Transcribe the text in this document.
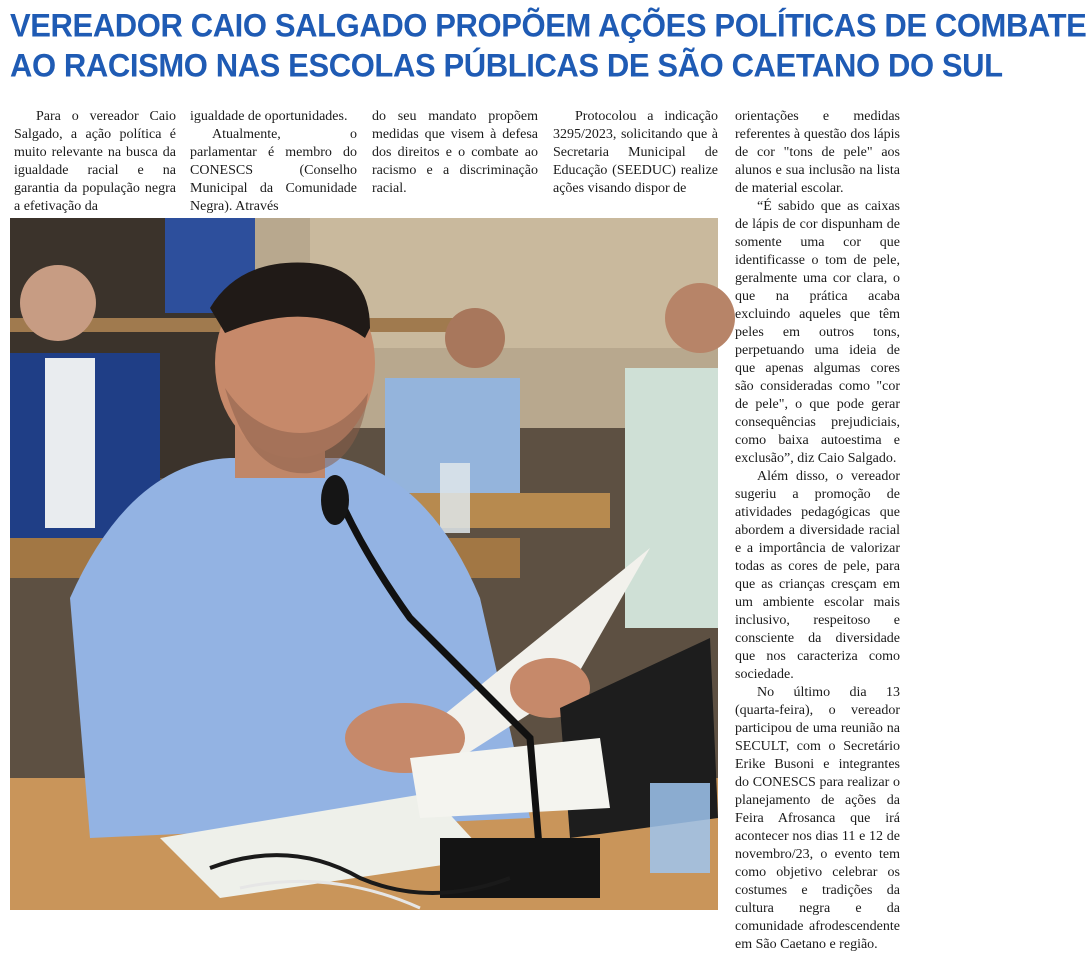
VEREADOR CAIO SALGADO PROPÕEM AÇÕES POLÍTICAS DE COMBATE
AO RACISMO NAS ESCOLAS PÚBLICAS DE SÃO CAETANO DO SUL

Para o vereador Caio Salgado, a ação política é muito relevante na busca da igualdade racial e na garantia da população negra a efetivação da

igualdade de oportunidades.

Atualmente, o parlamentar é membro do CONESCS (Conselho Municipal da Comunidade Negra). Através

do seu mandato propõem medidas que visem à defesa dos direitos e o combate ao racismo e a discriminação racial.

Protocolou a indicação 3295/2023, solicitando que à Secretaria Municipal de Educação (SEEDUC) realize ações visando dispor de

orientações e medidas referentes à questão dos lápis de cor "tons de pele" aos alunos e sua inclusão na lista de material escolar.

“É sabido que as caixas de lápis de cor dispunham de somente uma cor que identificasse o tom de pele, geralmente uma cor clara, o que na prática acaba excluindo aqueles que têm peles em outros tons, perpetuando uma ideia de que apenas algumas cores são consideradas como "cor de pele", o que pode gerar consequências prejudiciais, como baixa autoestima e exclusão”, diz Caio Salgado.

Além disso, o vereador sugeriu a promoção de atividades pedagógicas que abordem a diversidade racial e a importância de valorizar todas as cores de pele, para que as crianças cresçam em um ambiente escolar mais inclusivo, respeitoso e consciente da diversidade que nos caracteriza como sociedade.

No último dia 13 (quarta-feira), o vereador participou de uma reunião na SECULT, com o Secretário Erike Busoni e integrantes do CONESCS para realizar o planejamento de ações da Feira Afrosanca que irá acontecer nos dias 11 e 12 de novembro/23, o evento tem como objetivo celebrar os costumes e tradições da cultura negra e da comunidade afrodescendente em São Caetano e região.
